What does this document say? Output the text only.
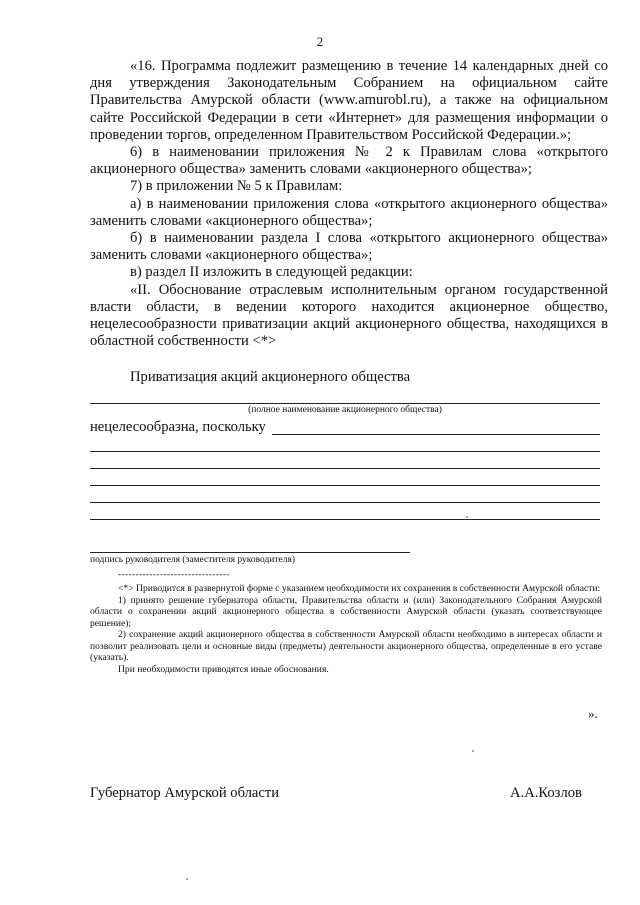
2

«16. Программа подлежит размещению в течение 14 календарных дней со дня утверждения Законодательным Собранием на официальном сайте Правительства Амурской области (www.amurobl.ru), а также на официальном сайте Российской Федерации в сети «Интернет» для размещения информации о проведении торгов, определенном Правительством Российской Федерации.»;

6) в наименовании приложения № 2 к Правилам слова «открытого акционерного общества» заменить словами «акционерного общества»;

7) в приложении № 5 к Правилам:

а) в наименовании приложения слова «открытого акционерного общества» заменить словами «акционерного общества»;

б) в наименовании раздела I слова «открытого акционерного общества» заменить словами «акционерного общества»;

в) раздел II изложить в следующей редакции:

«II. Обоснование отраслевым исполнительным органом государственной власти области, в ведении которого находится акционерное общество, нецелесообразности приватизации акций акционерного общества, находящихся в областной собственности <*>

Приватизация акций акционерного общества
(полное наименование акционерного общества)
нецелесообразна, поскольку
подпись руководителя (заместителя руководителя)
--------------------------------

<*> Приводится в развернутой форме с указанием необходимости их сохранения в собственности Амурской области:

1) принято решение губернатора области, Правительства области и (или) Законодательного Собрания Амурской области о сохранении акций акционерного общества в собственности Амурской области (указать соответствующее решение);

2) сохранение акций акционерного общества в собственности Амурской области необходимо в интересах области и позволит реализовать цели и основные виды (предметы) деятельности акционерного общества, определенные в его уставе (указать).

При необходимости приводятся иные обоснования.

».
Губернатор Амурской области	А.А.Козлов
